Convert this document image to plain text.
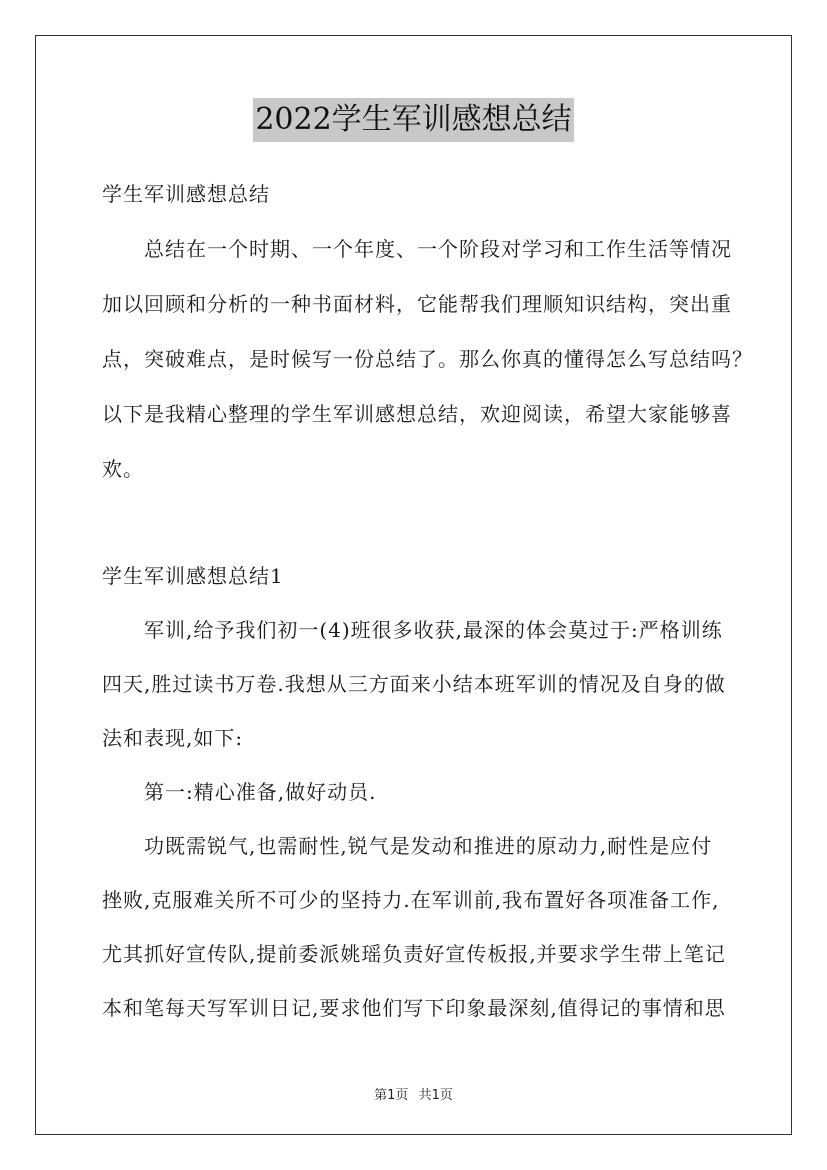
2022学生军训感想总结
学生军训感想总结
　　总结在一个时期、一个年度、一个阶段对学习和工作生活等情况
加以回顾和分析的一种书面材料，它能帮我们理顺知识结构，突出重
点，突破难点，是时候写一份总结了。那么你真的懂得怎么写总结吗？
以下是我精心整理的学生军训感想总结，欢迎阅读，希望大家能够喜
欢。
学生军训感想总结1
　　军训,给予我们初一(4)班很多收获,最深的体会莫过于:严格训练
四天,胜过读书万卷.我想从三方面来小结本班军训的情况及自身的做
法和表现,如下:
　　第一:精心准备,做好动员.
　　功既需锐气,也需耐性,锐气是发动和推进的原动力,耐性是应付
挫败,克服难关所不可少的坚持力.在军训前,我布置好各项准备工作,
尤其抓好宣传队,提前委派姚瑶负责好宣传板报,并要求学生带上笔记
本和笔每天写军训日记,要求他们写下印象最深刻,值得记的事情和思
第1页 共1页
